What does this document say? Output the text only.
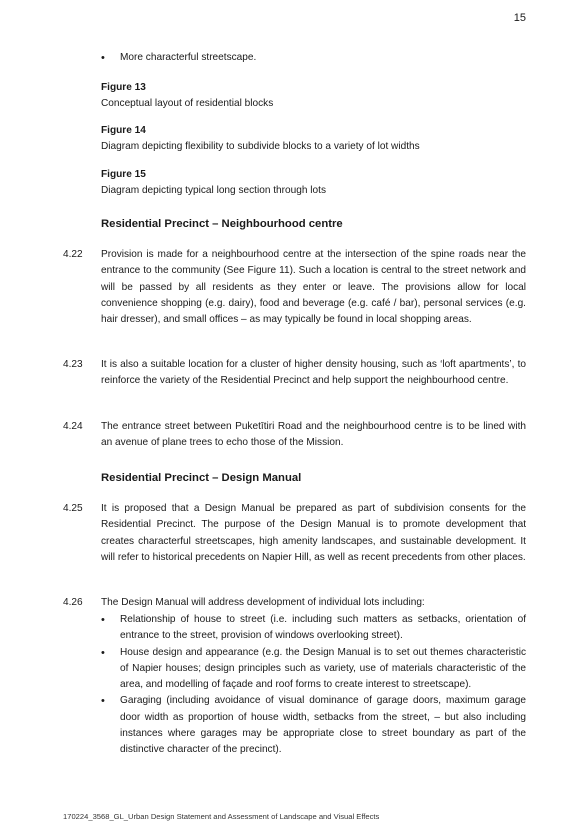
15
•	More characterful streetscape.
Figure 13
Conceptual layout of residential blocks
Figure 14
Diagram depicting flexibility to subdivide blocks to a variety of lot widths
Figure 15
Diagram depicting typical long section through lots
Residential Precinct – Neighbourhood centre
4.22	Provision is made for a neighbourhood centre at the intersection of the spine roads near the entrance to the community (See Figure 11). Such a location is central to the street network and will be passed by all residents as they enter or leave. The provisions allow for local convenience shopping (e.g. dairy), food and beverage (e.g. café / bar), personal services (e.g. hair dresser), and small offices – as may typically be found in local shopping areas.
4.23	It is also a suitable location for a cluster of higher density housing, such as ‘loft apartments’, to reinforce the variety of the Residential Precinct and help support the neighbourhood centre.
4.24	The entrance street between Puketītiri Road and the neighbourhood centre is to be lined with an avenue of plane trees to echo those of the Mission.
Residential Precinct – Design Manual
4.25	It is proposed that a Design Manual be prepared as part of subdivision consents for the Residential Precinct. The purpose of the Design Manual is to promote development that creates characterful streetscapes, high amenity landscapes, and sustainable development. It will refer to historical precedents on Napier Hill, as well as recent precedents from other places.
4.26	The Design Manual will address development of individual lots including:
•	Relationship of house to street (i.e. including such matters as setbacks, orientation of entrance to the street, provision of windows overlooking street).
•	House design and appearance (e.g. the Design Manual is to set out themes characteristic of Napier houses; design principles such as variety, use of materials characteristic of the area, and modelling of façade and roof forms to create interest to streetscape).
•	Garaging (including avoidance of visual dominance of garage doors, maximum garage door width as proportion of house width, setbacks from the street, – but also including instances where garages may be appropriate close to street boundary as part of the distinctive character of the precinct).
170224_3568_GL_Urban Design Statement and Assessment of Landscape and Visual Effects
